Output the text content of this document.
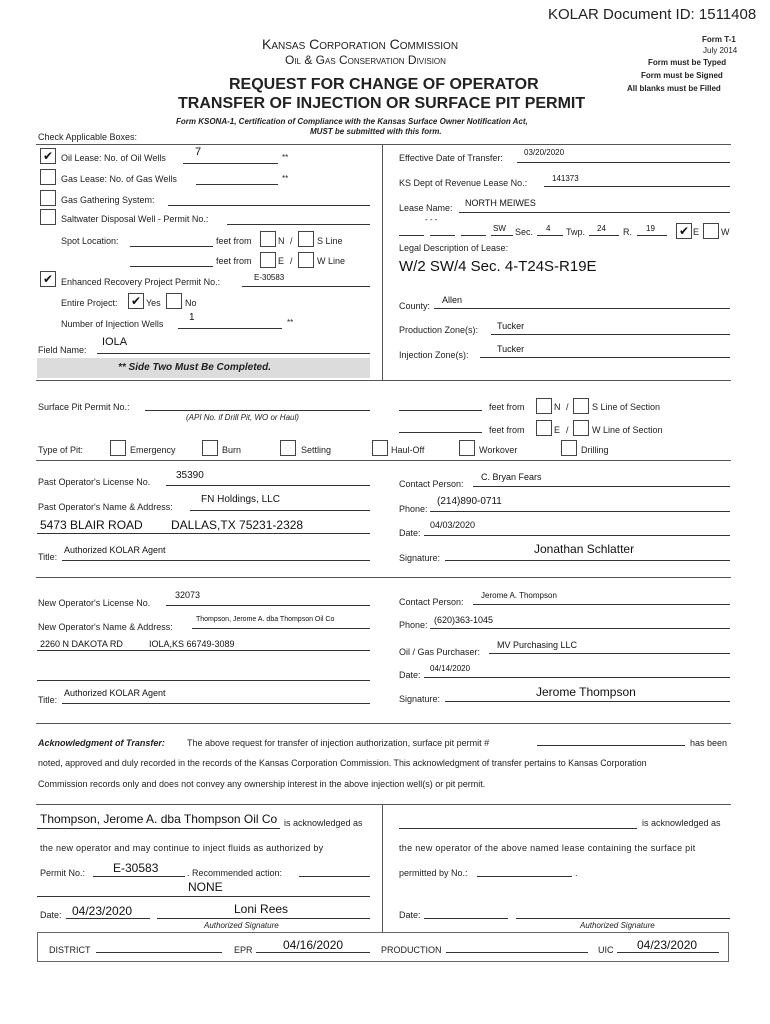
KOLAR Document ID: 1511408
Kansas Corporation Commission
Oil & Gas Conservation Division
REQUEST FOR CHANGE OF OPERATOR
TRANSFER OF INJECTION OR SURFACE PIT PERMIT
Form KSONA-1, Certification of Compliance with the Kansas Surface Owner Notification Act,
MUST be submitted with this form.
Form T-1
July 2014
Form must be Typed
Form must be Signed
All blanks must be Filled
Check Applicable Boxes:
✔ Oil Lease: No. of Oil Wells	7	**
Gas Lease: No. of Gas Wells	**
Gas Gathering System:
Saltwater Disposal Well - Permit No.:
Spot Location:	feet from	N /	S Line
feet from	E /	W Line
✔ Enhanced Recovery Project Permit No.:	E-30583
Entire Project: ✔ Yes	No
Number of Injection Wells
1	**
Field Name:
IOLA
** Side Two Must Be Completed.
Effective Date of Transfer:
03/20/2020
KS Dept of Revenue Lease No.:	141373
Lease Name: NORTH MEIWES
- - -
SW Sec. 4 Twp. 24 R. 19 ✔ E W
Legal Description of Lease:
W/2 SW/4 Sec. 4-T24S-R19E
County:
Allen
Production Zone(s): Tucker
Injection Zone(s):
Tucker
Surface Pit Permit No.:
(API No. if Drill Pit, WO or Haul)
feet from	N /	S Line of Section
feet from	E /	W Line of Section
Type of Pit:	Emergency	Burn	Settling	Haul-Off	Workover	Drilling
Past Operator's License No.
35390
Past Operator's Name & Address:
FN Holdings, LLC
5473 BLAIR ROAD DALLAS,TX 75231-2328
Title:
Authorized KOLAR Agent
Contact Person:
C. Bryan Fears
Phone:
(214)890-0711
Date:
04/03/2020
Signature:
Jonathan Schlatter
New Operator's License No.
32073
New Operator's Name & Address:
Thompson, Jerome A. dba Thompson Oil Co
2260 N DAKOTA RD	IOLA,KS 66749-3089
Title:
Authorized KOLAR Agent
Contact Person:
Jerome A. Thompson
Phone: (620)363-1045
Oil / Gas Purchaser:
MV Purchasing LLC
Date:
04/14/2020
Signature:	Jerome Thompson
Acknowledgment of Transfer: The above request for transfer of injection authorization, surface pit permit #	has been
noted, approved and duly recorded in the records of the Kansas Corporation Commission. This acknowledgment of transfer pertains to Kansas Corporation
Commission records only and does not convey any ownership interest in the above injection well(s) or pit permit.
Thompson, Jerome A. dba Thompson Oil Co is acknowledged as
the new operator and may continue to inject fluids as authorized by
Permit No.: E-30583	. Recommended action:
NONE
Date: 04/23/2020	Loni Rees
Authorized Signature
is acknowledged as
the new operator of the above named lease containing the surface pit
permitted by No.:	.
Date:
Authorized Signature
DISTRICT	EPR	04/16/2020	PRODUCTION	UIC 04/23/2020
